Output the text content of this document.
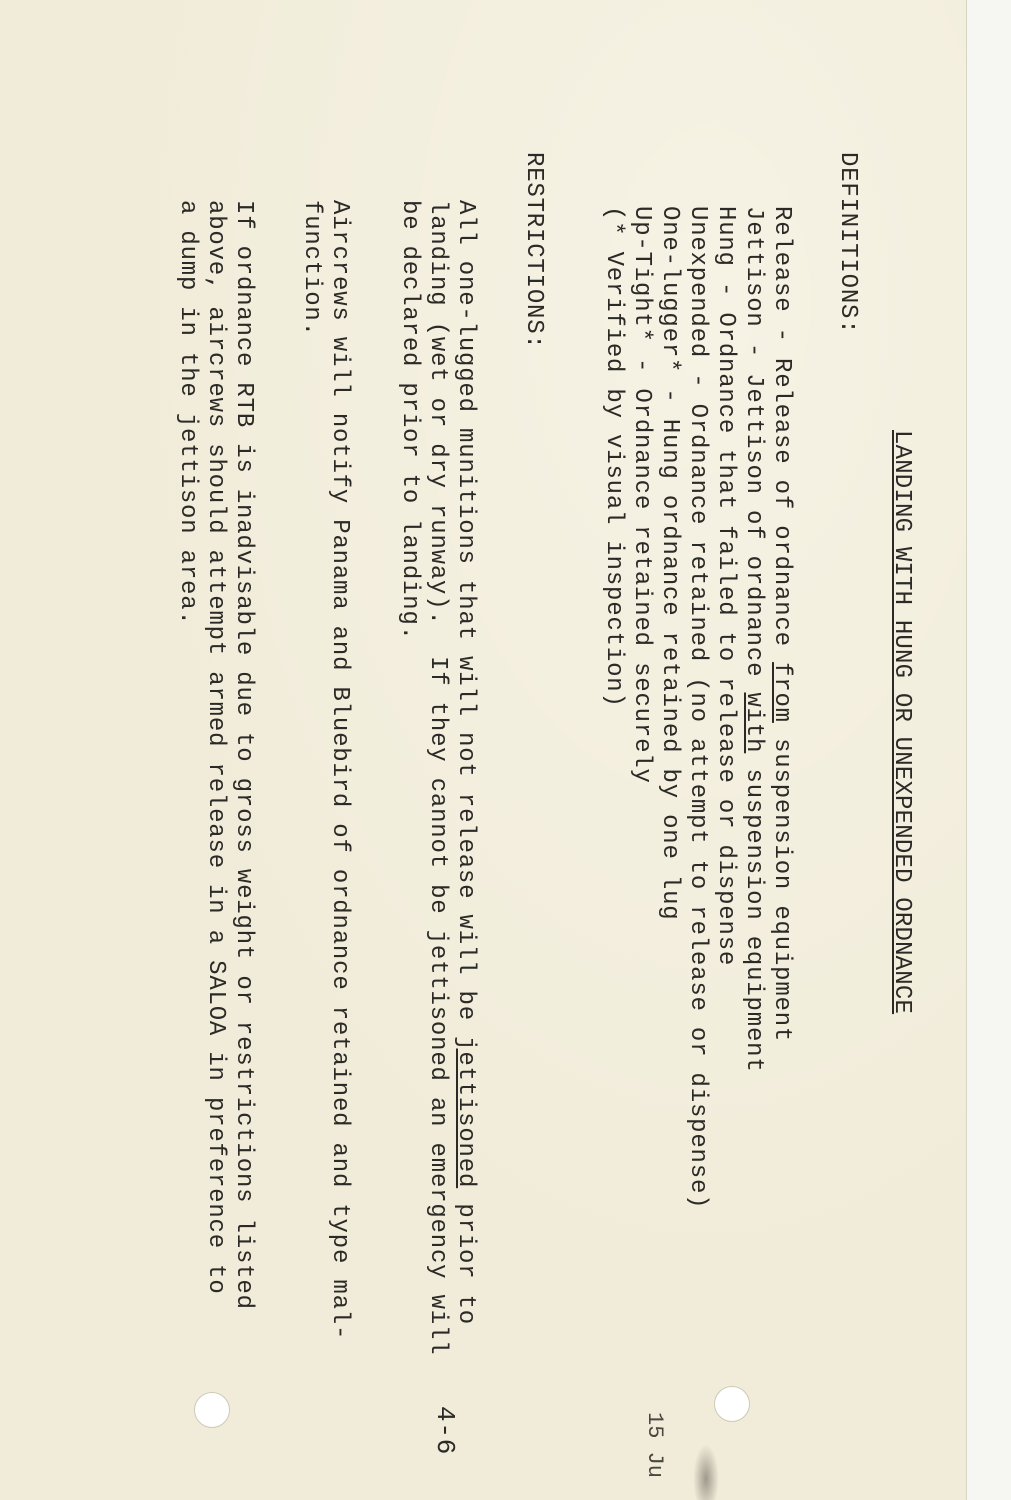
LANDING WITH HUNG OR UNEXPENDED ORDNANCE
DEFINITIONS:
Release - Release of ordnance from suspension equipment
Jettison - Jettison of ordnance with suspension equipment
Hung - Ordnance that failed to release or dispense
Unexpended - Ordnance retained (no attempt to release or dispense)
One-lugger* - Hung ordnance retained by one lug
Up-Tight* - Ordnance retained securely
(* Verified by visual inspection)
RESTRICTIONS:
All one-lugged munitions that will not release will be jettisoned prior to
landing (wet or dry runway).  If they cannot be jettisoned an emergency will
be declared prior to landing.
Aircrews will notify Panama and Bluebird of ordnance retained and type mal-
function.
If ordnance RTB is inadvisable due to gross weight or restrictions listed
above, aircrews should attempt armed release in a SALOA in preference to
a dump in the jettison area.
15 Ju
4-6
